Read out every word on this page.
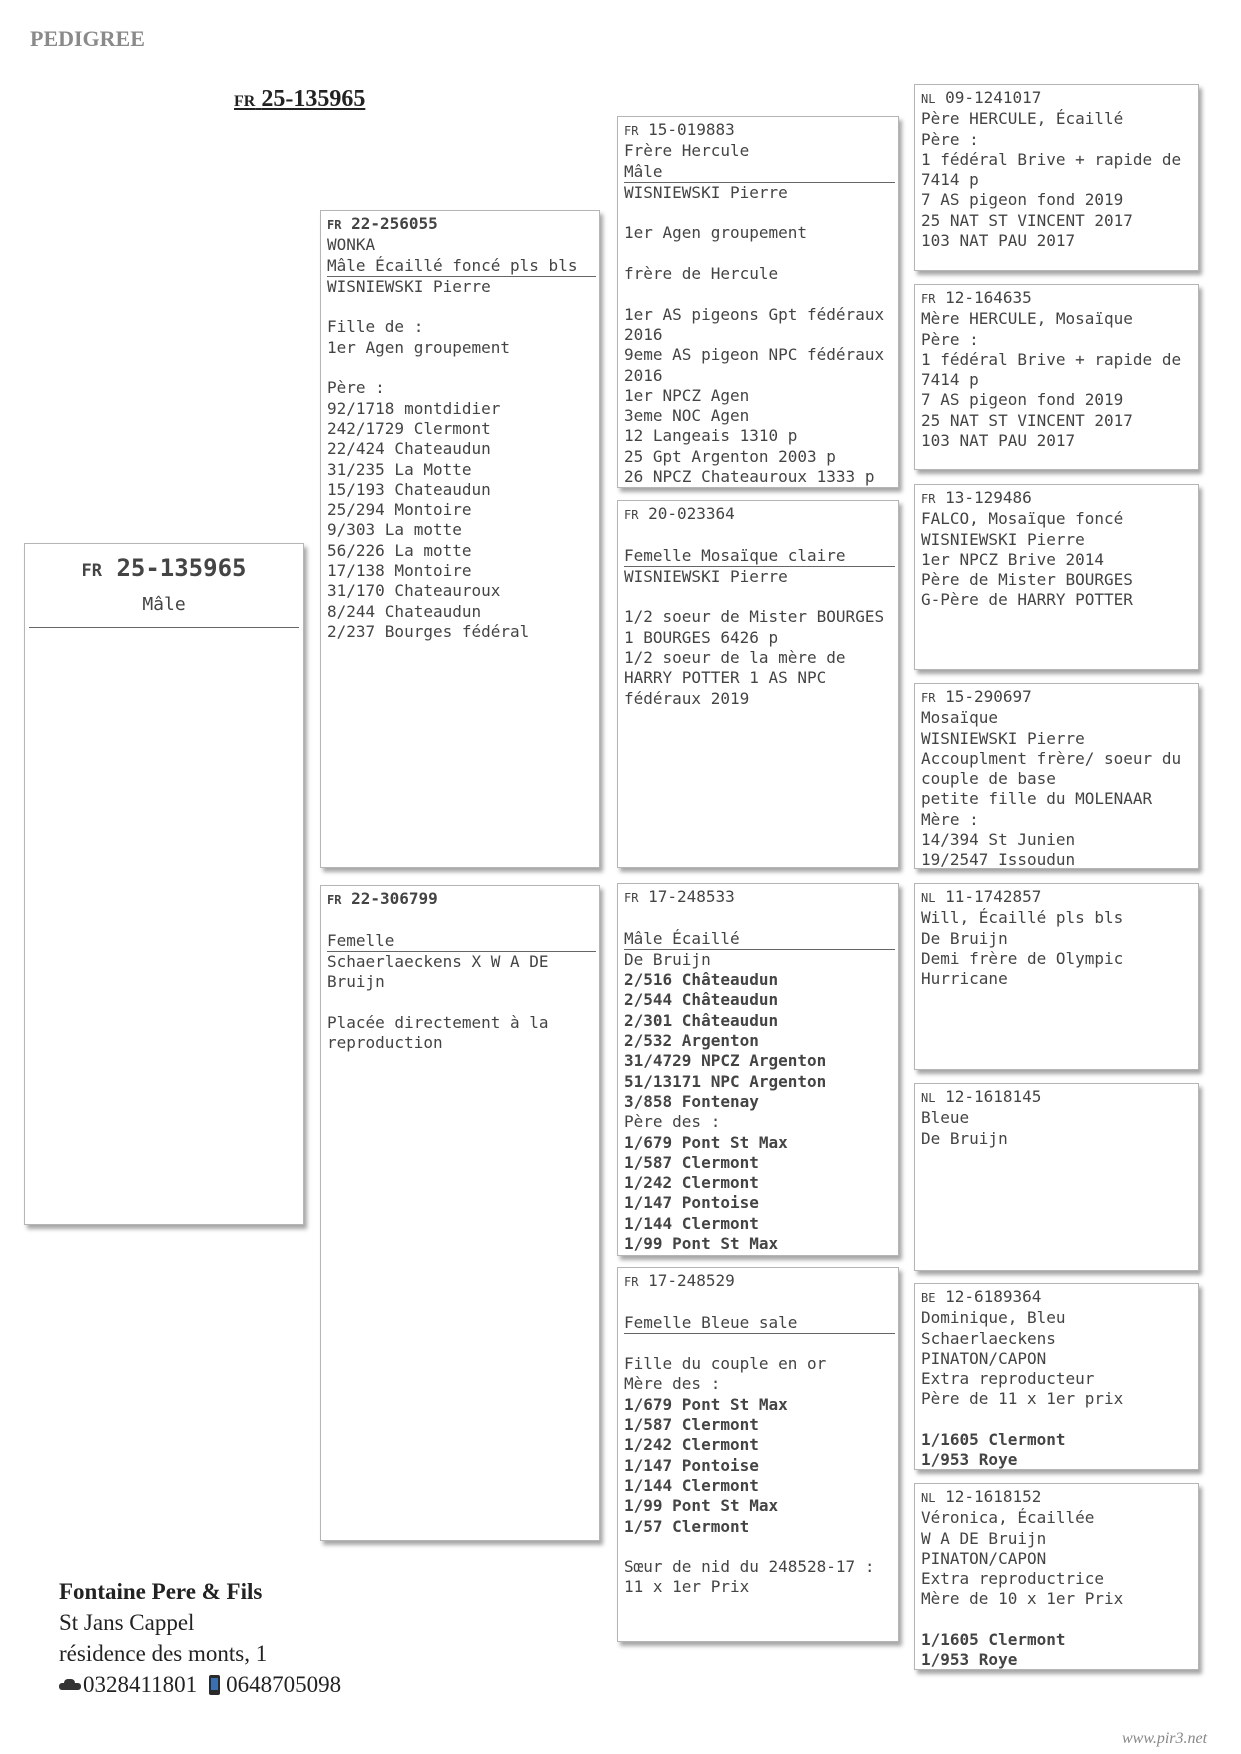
PEDIGREE
FR 25-135965
FR 25-135965
Mâle
FR 22-256055
WONKA
Mâle Écaillé foncé pls bls
WISNIEWSKI Pierre
Fille de :
1er Agen groupement
Père :
92/1718 montdidier
242/1729 Clermont
22/424 Chateaudun
31/235 La Motte
15/193 Chateaudun
25/294 Montoire
9/303 La motte
56/226 La motte
17/138 Montoire
31/170 Chateauroux
8/244 Chateaudun
2/237 Bourges fédéral
FR 22-306799
Femelle
Schaerlaeckens X W A DE Bruijn
Placée directement à la reproduction
FR 15-019883
Frère Hercule
Mâle
WISNIEWSKI Pierre
1er Agen groupement
frère de Hercule
1er AS pigeons Gpt fédéraux 2016
9eme AS pigeon NPC fédéraux 2016
1er NPCZ Agen
3eme NOC Agen
12 Langeais 1310 p
25 Gpt Argenton 2003 p
26 NPCZ Chateauroux 1333 p
FR 20-023364
Femelle Mosaïque claire
WISNIEWSKI Pierre
1/2 soeur de Mister BOURGES
1 BOURGES 6426 p
1/2 soeur de la mère de HARRY POTTER 1 AS NPC fédéraux 2019
FR 17-248533
Mâle Écaillé
De Bruijn
2/516 Châteaudun
2/544 Châteaudun
2/301 Châteaudun
2/532 Argenton
31/4729 NPCZ Argenton
51/13171 NPC Argenton
3/858 Fontenay
Père des :
1/679 Pont St Max
1/587 Clermont
1/242 Clermont
1/147 Pontoise
1/144 Clermont
1/99 Pont St Max
FR 17-248529
Femelle Bleue sale
Fille du couple en or
Mère des :
1/679 Pont St Max
1/587 Clermont
1/242 Clermont
1/147 Pontoise
1/144 Clermont
1/99 Pont St Max
1/57 Clermont
Sœur de nid du 248528-17 : 11 x 1er Prix
NL 09-1241017
Père HERCULE, Écaillé
Père :
1 fédéral Brive + rapide de 7414 p
7 AS pigeon fond 2019
25 NAT ST VINCENT 2017
103 NAT PAU 2017
FR 12-164635
Mère HERCULE, Mosaïque
Père :
1 fédéral Brive + rapide de 7414 p
7 AS pigeon fond 2019
25 NAT ST VINCENT 2017
103 NAT PAU 2017
FR 13-129486
FALCO, Mosaïque foncé
WISNIEWSKI Pierre
1er NPCZ Brive 2014
Père de Mister BOURGES
G-Père de HARRY POTTER
FR 15-290697
Mosaïque
WISNIEWSKI Pierre
Accouplment frère/ soeur du couple de base
petite fille du MOLENAAR
Mère :
14/394 St Junien
19/2547 Issoudun
NL 11-1742857
Will, Écaillé pls bls
De Bruijn
Demi frère de Olympic Hurricane
NL 12-1618145
Bleue
De Bruijn
BE 12-6189364
Dominique, Bleu
Schaerlaeckens
PINATON/CAPON
Extra reproducteur
Père de 11 x 1er prix
1/1605 Clermont
1/953 Roye
NL 12-1618152
Véronica, Écaillée
W A DE Bruijn
PINATON/CAPON
Extra reproductrice
Mère de 10 x 1er Prix
1/1605 Clermont
1/953 Roye
Fontaine Pere & Fils
St Jans Cappel
résidence des monts, 1
0328411801 0648705098
www.pir3.net
